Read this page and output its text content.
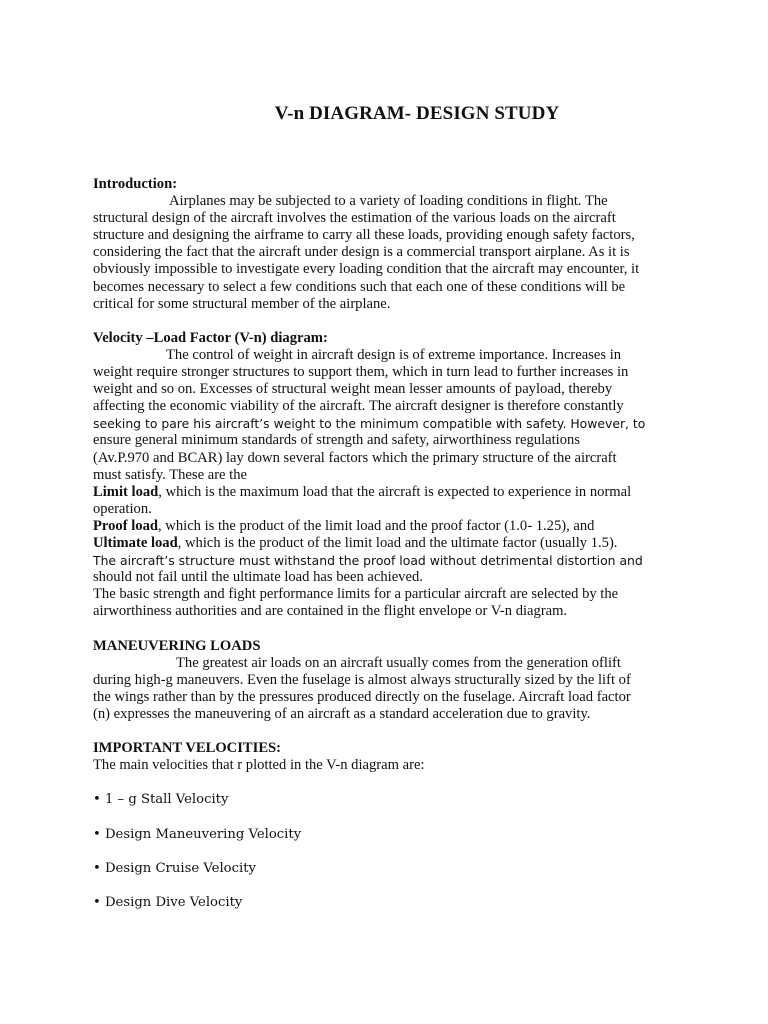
V-n DIAGRAM- DESIGN STUDY
Introduction:
Airplanes may be subjected to a variety of loading conditions in flight. The
structural design of the aircraft involves the estimation of the various loads on the aircraft
structure and designing the airframe to carry all these loads, providing enough safety factors,
considering the fact that the aircraft under design is a commercial transport airplane. As it is
obviously impossible to investigate every loading condition that the aircraft may encounter, it
becomes necessary to select a few conditions such that each one of these conditions will be
critical for some structural member of the airplane.
Velocity –Load Factor (V-n) diagram:
The control of weight in aircraft design is of extreme importance. Increases in
weight require stronger structures to support them, which in turn lead to further increases in
weight and so on. Excesses of structural weight mean lesser amounts of payload, thereby
affecting the economic viability of the aircraft. The aircraft designer is therefore constantly
seeking to pare his aircraft’s weight to the minimum compatible with safety. However, to
ensure general minimum standards of strength and safety, airworthiness regulations
(Av.P.970 and BCAR) lay down several factors which the primary structure of the aircraft
must satisfy. These are the
Limit load, which is the maximum load that the aircraft is expected to experience in normal
operation.
Proof load, which is the product of the limit load and the proof factor (1.0- 1.25), and
Ultimate load, which is the product of the limit load and the ultimate factor (usually 1.5).
The aircraft’s structure must withstand the proof load without detrimental distortion and
should not fail until the ultimate load has been achieved.
The basic strength and fight performance limits for a particular aircraft are selected by the
airworthiness authorities and are contained in the flight envelope or V-n diagram.
MANEUVERING LOADS
The greatest air loads on an aircraft usually comes from the generation oflift
during high-g maneuvers. Even the fuselage is almost always structurally sized by the lift of
the wings rather than by the pressures produced directly on the fuselage. Aircraft load factor
(n) expresses the maneuvering of an aircraft as a standard acceleration due to gravity.
IMPORTANT VELOCITIES:
The main velocities that r plotted in the V-n diagram are:
• 1 – g Stall Velocity
• Design Maneuvering Velocity
• Design Cruise Velocity
• Design Dive Velocity
